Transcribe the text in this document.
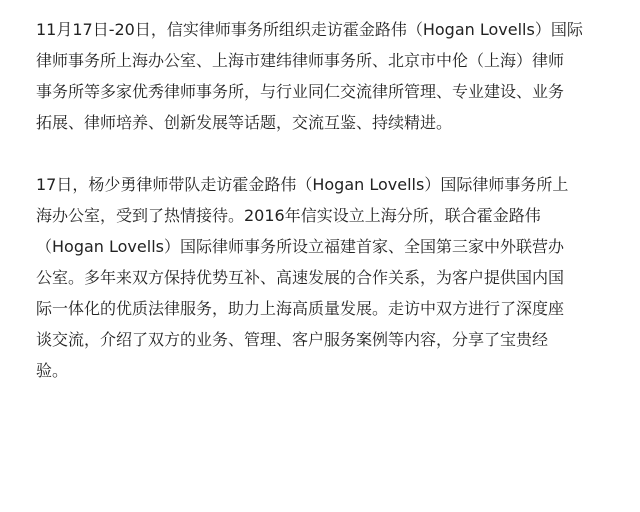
11月17日-20日，信实律师事务所组织走访霍金路伟（Hogan Lovells）国际
律师事务所上海办公室、上海市建纬律师事务所、北京市中伦（上海）律师
事务所等多家优秀律师事务所，与行业同仁交流律所管理、专业建设、业务
拓展、律师培养、创新发展等话题，交流互鉴、持续精进。

17日，杨少勇律师带队走访霍金路伟（Hogan Lovells）国际律师事务所上
海办公室，受到了热情接待。2016年信实设立上海分所，联合霍金路伟
（Hogan Lovells）国际律师事务所设立福建首家、全国第三家中外联营办
公室。多年来双方保持优势互补、高速发展的合作关系，为客户提供国内国
际一体化的优质法律服务，助力上海高质量发展。走访中双方进行了深度座
谈交流，介绍了双方的业务、管理、客户服务案例等内容，分享了宝贵经
验。
